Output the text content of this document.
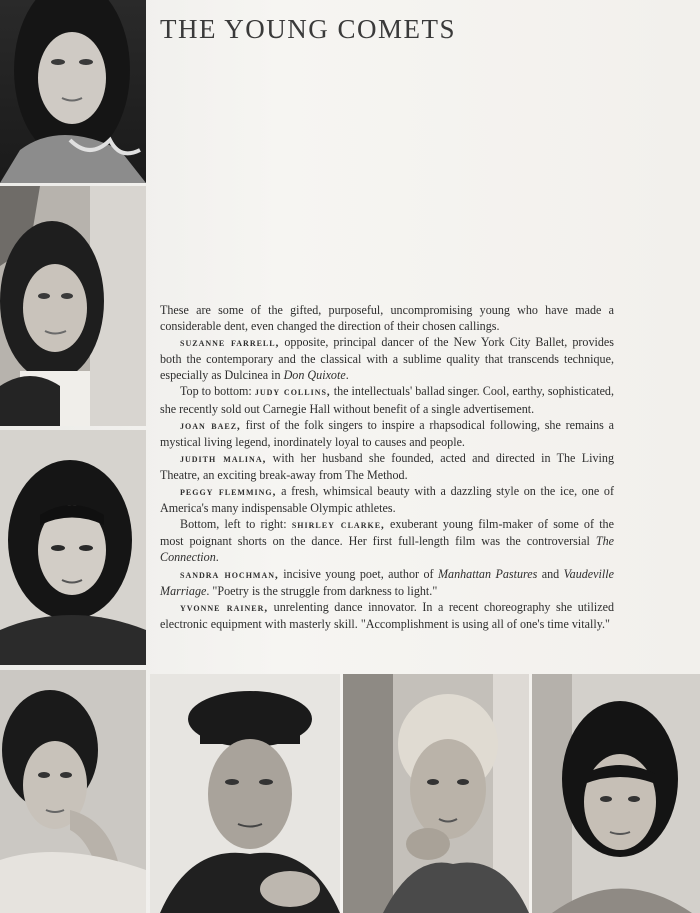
THE YOUNG COMETS

These are some of the gifted, purposeful, uncompromising young who have made a considerable dent, even changed the direction of their chosen callings.

suzanne farrell, opposite, principal dancer of the New York City Ballet, provides both the contemporary and the classical with a sublime quality that transcends technique, especially as Dulcinea in Don Quixote.

Top to bottom: judy collins, the intellectuals' ballad singer. Cool, earthy, sophisticated, she recently sold out Carnegie Hall without benefit of a single advertisement.

joan baez, first of the folk singers to inspire a rhapsodical following, she remains a mystical living legend, inordinately loyal to causes and people.

judith malina, with her husband she founded, acted and directed in The Living Theatre, an exciting break-away from The Method.

peggy flemming, a fresh, whimsical beauty with a dazzling style on the ice, one of America's many indispensable Olympic athletes.

Bottom, left to right: shirley clarke, exuberant young film-maker of some of the most poignant shorts on the dance. Her first full-length film was the controversial The Connection.

sandra hochman, incisive young poet, author of Manhattan Pastures and Vaudeville Marriage. "Poetry is the struggle from darkness to light."

yvonne rainer, unrelenting dance innovator. In a recent choreography she utilized electronic equipment with masterly skill. "Accomplishment is using all of one's time vitally."
